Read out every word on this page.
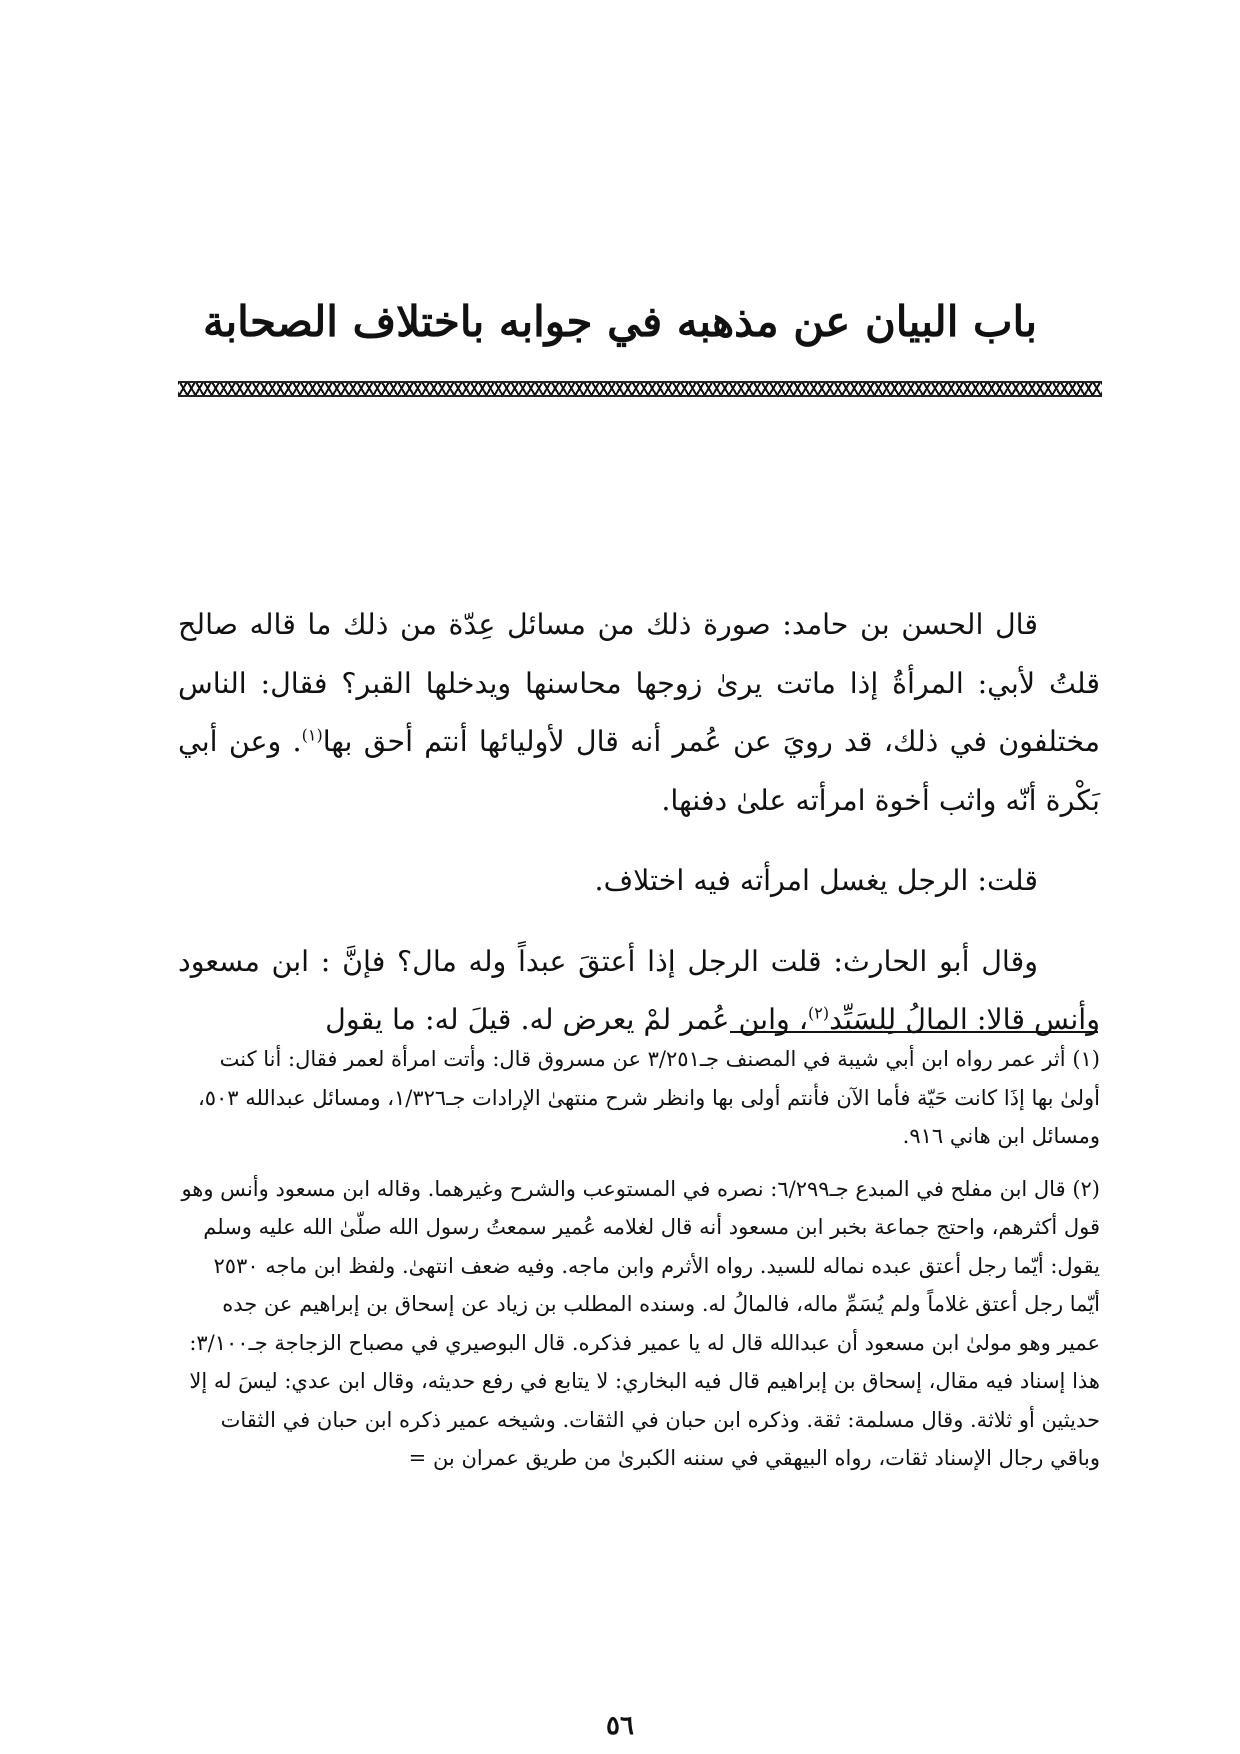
باب البيان عن مذهبه في جوابه باختلاف الصحابة

قال الحسن بن حامد: صورة ذلك من مسائل عِدّة من ذلك ما قاله صالح قلتُ لأبي: المرأةُ إذا ماتت يرىٰ زوجها محاسنها ويدخلها القبر؟ فقال: الناس مختلفون في ذلك، قد رويَ عن عُمر أنه قال لأوليائها أنتم أحق بها$^{(١)}$. وعن أبي بَكْرة أنّه واثب أخوة امرأته علىٰ دفنها.

قلت: الرجل يغسل امرأته فيه اختلاف.

وقال أبو الحارث: قلت الرجل إذا أعتقَ عبداً وله مال؟ فإنَّ : ابن مسعود وأنس قالا: المالُ لِلسَيِّد$^{(٢)}$، وابن عُمر لمْ يعرض له. قيلَ له: ما يقول

(١) أثر عمر رواه ابن أبي شيبة في المصنف جـ٣/٢٥١ عن مسروق قال: وأتت امرأة لعمر فقال: أنا كنت أولىٰ بها إذَا كانت حَيّة فأما الآن فأنتم أولى بها وانظر شرح منتهىٰ الإرادات جـ١/٣٢٦، ومسائل عبدالله ٥٠٣، ومسائل ابن هاني ٩١٦.

(٢) قال ابن مفلح في المبدع جـ٦/٢٩٩: نصره في المستوعب والشرح وغيرهما. وقاله ابن مسعود وأنس وهو قول أكثرهم، واحتج جماعة بخبر ابن مسعود أنه قال لغلامه عُمير سمعتُ رسول الله صلّىٰ الله عليه وسلم يقول: أيّما رجل أعتق عبده نماله للسيد. رواه الأثرم وابن ماجه. وفيه ضعف انتهىٰ. ولفظ ابن ماجه ٢٥٣٠ أيّما رجل أعتق غلاماً ولم يُسَمِّ ماله، فالمالُ له. وسنده المطلب بن زياد عن إسحاق بن إبراهيم عن جده عمير وهو مولىٰ ابن مسعود أن عبدالله قال له يا عمير فذكره. قال البوصيري في مصباح الزجاجة جـ٣/١٠٠: هذا إسناد فيه مقال، إسحاق بن إبراهيم قال فيه البخاري: لا يتابع في رفع حديثه، وقال ابن عدي: ليسَ له إلا حديثين أو ثلاثة. وقال مسلمة: ثقة. وذكره ابن حبان في الثقات. وشيخه عمير ذكره ابن حبان في الثقات وباقي رجال الإسناد ثقات، رواه البيهقي في سننه الكبرىٰ من طريق عمران بن =

٥٦
